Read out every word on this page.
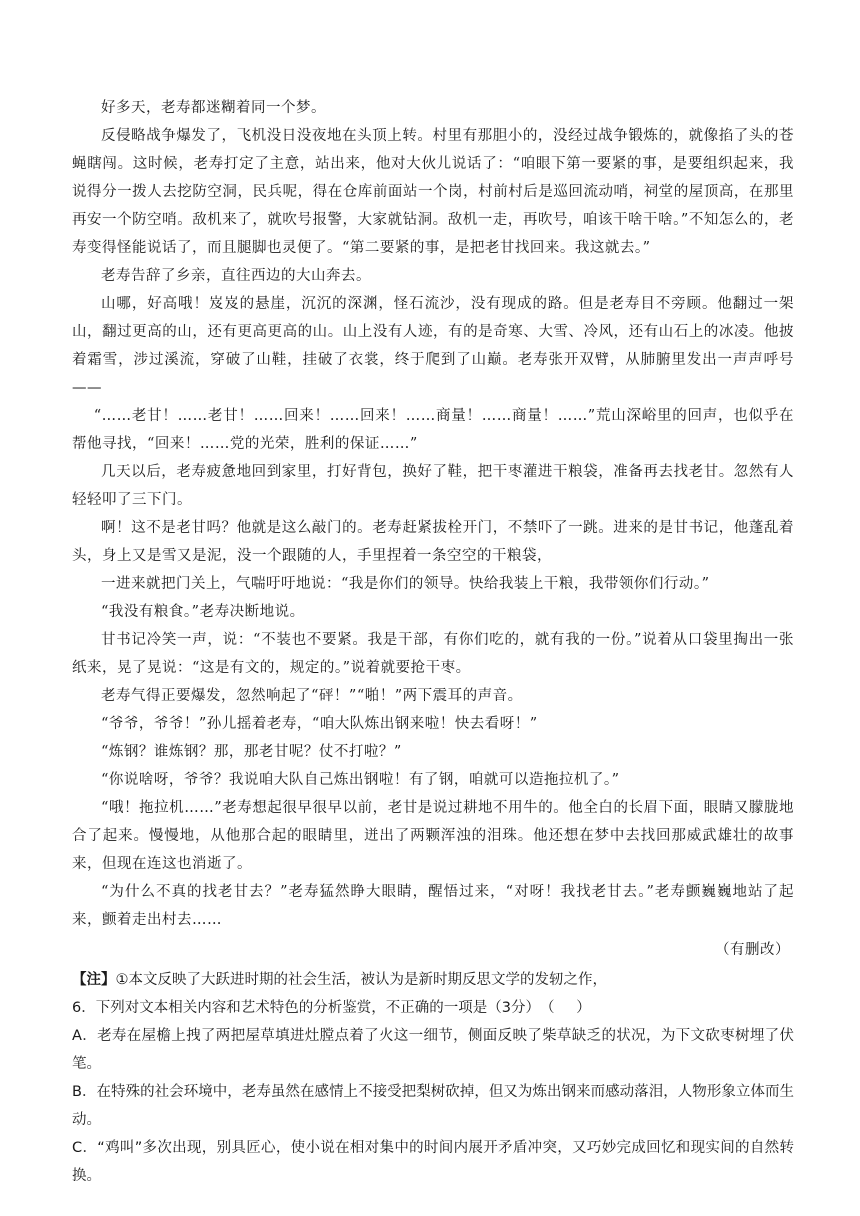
好多天，老寿都迷糊着同一个梦。

反侵略战争爆发了，飞机没日没夜地在头顶上转。村里有那胆小的，没经过战争锻炼的，就像掐了头的苍蝇瞎闯。这时候，老寿打定了主意，站出来，他对大伙儿说话了：“咱眼下第一要紧的事，是要组织起来，我说得分一拨人去挖防空洞，民兵呢，得在仓库前面站一个岗，村前村后是巡回流动哨，祠堂的屋顶高，在那里再安一个防空哨。敌机来了，就吹号报警，大家就钻洞。敌机一走，再吹号，咱该干啥干啥。”不知怎么的，老寿变得怪能说话了，而且腿脚也灵便了。“第二要紧的事，是把老甘找回来。我这就去。”

老寿告辞了乡亲，直往西边的大山奔去。

山哪，好高哦！岌岌的悬崖，沉沉的深渊，怪石流沙，没有现成的路。但是老寿目不旁顾。他翻过一架山，翻过更高的山，还有更高更高的山。山上没有人迹，有的是奇寒、大雪、冷风，还有山石上的冰凌。他披着霜雪，涉过溪流，穿破了山鞋，挂破了衣裳，终于爬到了山巅。老寿张开双臂，从肺腑里发出一声声呼号——

“……老甘！……老甘！……回来！……回来！……商量！……商量！……”荒山深峪里的回声，也似乎在帮他寻找，“回来！……党的光荣，胜利的保证……”

几天以后，老寿疲惫地回到家里，打好背包，换好了鞋，把干枣灌进干粮袋，准备再去找老甘。忽然有人轻轻叩了三下门。

啊！这不是老甘吗？他就是这么敲门的。老寿赶紧拔栓开门，不禁吓了一跳。进来的是甘书记，他蓬乱着头，身上又是雪又是泥，没一个跟随的人，手里捏着一条空空的干粮袋，

一进来就把门关上，气喘吁吁地说：“我是你们的领导。快给我装上干粮，我带领你们行动。”

“我没有粮食。”老寿决断地说。

甘书记冷笑一声，说：“不装也不要紧。我是干部，有你们吃的，就有我的一份。”说着从口袋里掏出一张纸来，晃了晃说：“这是有文的，规定的。”说着就要抢干枣。

老寿气得正要爆发，忽然响起了“砰！”“啪！”两下震耳的声音。

“爷爷，爷爷！”孙儿摇着老寿，“咱大队炼出钢来啦！快去看呀！”

“炼钢？谁炼钢？那，那老甘呢？仗不打啦？”

“你说啥呀，爷爷？我说咱大队自己炼出钢啦！有了钢，咱就可以造拖拉机了。”

“哦！拖拉机……”老寿想起很早很早以前，老甘是说过耕地不用牛的。他全白的长眉下面，眼睛又朦胧地合了起来。慢慢地，从他那合起的眼睛里，迸出了两颗浑浊的泪珠。他还想在梦中去找回那威武雄壮的故事来，但现在连这也消逝了。

“为什么不真的找老甘去？”老寿猛然睁大眼睛，醒悟过来，“对呀！我找老甘去。”老寿颤巍巍地站了起来，颤着走出村去……

（有删改）

【注】①本文反映了大跃进时期的社会生活，被认为是新时期反思文学的发轫之作，

6．下列对文本相关内容和艺术特色的分析鉴赏，不正确的一项是（3分）（   ）

A．老寿在屋檐上拽了两把屋草填进灶膛点着了火这一细节，侧面反映了柴草缺乏的状况，为下文砍枣树埋了伏笔。

B．在特殊的社会环境中，老寿虽然在感情上不接受把梨树砍掉，但又为炼出钢来而感动落泪，人物形象立体而生动。

C．“鸡叫”多次出现，别具匠心，使小说在相对集中的时间内展开矛盾冲突，又巧妙完成回忆和现实间的自然转换。
